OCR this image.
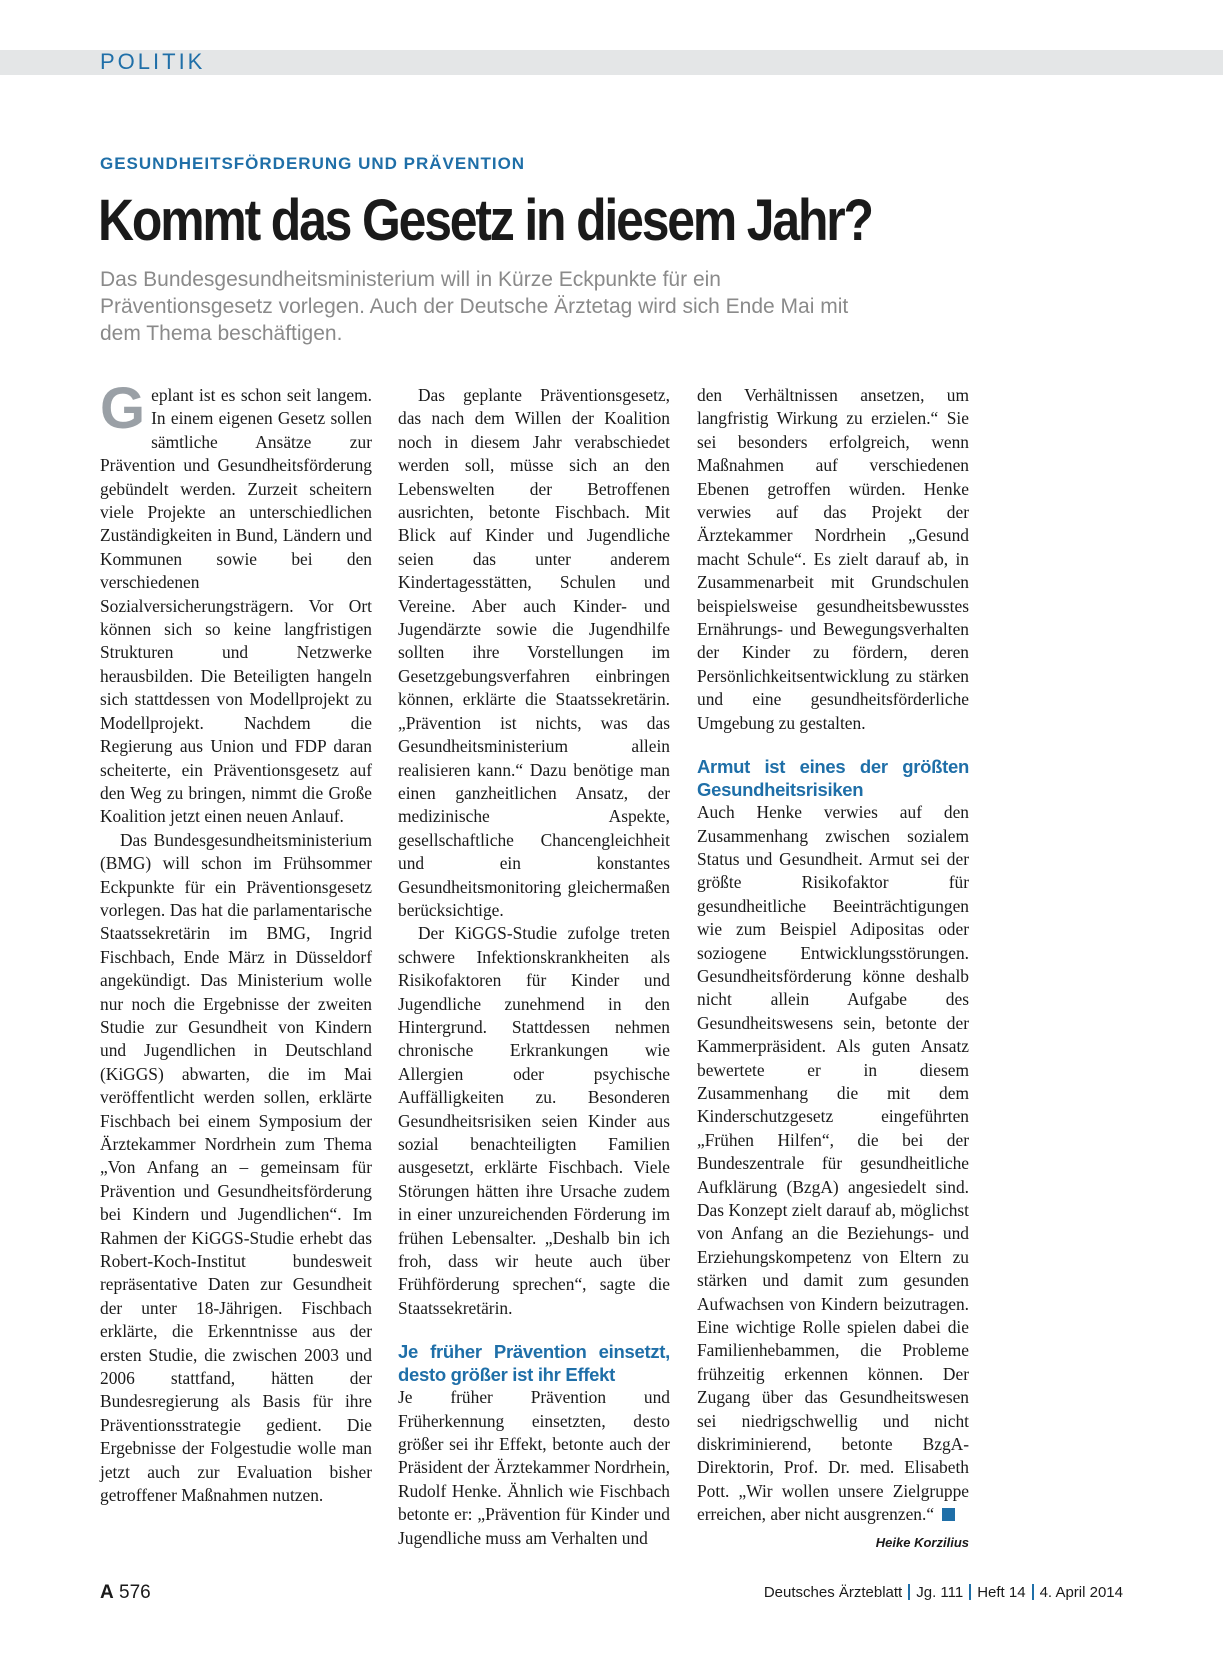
POLITIK
GESUNDHEITSFÖRDERUNG UND PRÄVENTION
Kommt das Gesetz in diesem Jahr?
Das Bundesgesundheitsministerium will in Kürze Eckpunkte für ein Präventionsgesetz vorlegen. Auch der Deutsche Ärztetag wird sich Ende Mai mit dem Thema beschäftigen.

Geplant ist es schon seit langem. In einem eigenen Gesetz sollen sämtliche Ansätze zur Prävention und Gesundheitsförderung gebündelt werden. Zurzeit scheitern viele Projekte an unterschiedlichen Zuständigkeiten in Bund, Ländern und Kommunen sowie bei den verschiedenen Sozialversicherungsträgern. Vor Ort können sich so keine langfristigen Strukturen und Netzwerke herausbilden. Die Beteiligten hangeln sich stattdessen von Modellprojekt zu Modellprojekt. Nachdem die Regierung aus Union und FDP daran scheiterte, ein Präventionsgesetz auf den Weg zu bringen, nimmt die Große Koalition jetzt einen neuen Anlauf.

Das Bundesgesundheitsministerium (BMG) will schon im Frühsommer Eckpunkte für ein Präventionsgesetz vorlegen. Das hat die parlamentarische Staatssekretärin im BMG, Ingrid Fischbach, Ende März in Düsseldorf angekündigt. Das Ministerium wolle nur noch die Ergebnisse der zweiten Studie zur Gesundheit von Kindern und Jugendlichen in Deutschland (KiGGS) abwarten, die im Mai veröffentlicht werden sollen, erklärte Fischbach bei einem Symposium der Ärztekammer Nordrhein zum Thema „Von Anfang an – gemeinsam für Prävention und Gesundheitsförderung bei Kindern und Jugendlichen“. Im Rahmen der KiGGS-Studie erhebt das Robert-Koch-Institut bundesweit repräsentative Daten zur Gesundheit der unter 18-Jährigen. Fischbach erklärte, die Erkenntnisse aus der ersten Studie, die zwischen 2003 und 2006 stattfand, hätten der Bundesregierung als Basis für ihre Präventionsstrategie gedient. Die Ergebnisse der Folgestudie wolle man jetzt auch zur Evaluation bisher getroffener Maßnahmen nutzen.

Das geplante Präventionsgesetz, das nach dem Willen der Koalition noch in diesem Jahr verabschiedet werden soll, müsse sich an den Lebenswelten der Betroffenen ausrichten, betonte Fischbach. Mit Blick auf Kinder und Jugendliche seien das unter anderem Kindertagesstätten, Schulen und Vereine. Aber auch Kinder- und Jugendärzte sowie die Jugendhilfe sollten ihre Vorstellungen im Gesetzgebungsverfahren einbringen können, erklärte die Staatssekretärin. „Prävention ist nichts, was das Gesundheitsministerium allein realisieren kann.“ Dazu benötige man einen ganzheitlichen Ansatz, der medizinische Aspekte, gesellschaftliche Chancengleichheit und ein konstantes Gesundheitsmonitoring gleichermaßen berücksichtige.

Der KiGGS-Studie zufolge treten schwere Infektionskrankheiten als Risikofaktoren für Kinder und Jugendliche zunehmend in den Hintergrund. Stattdessen nehmen chronische Erkrankungen wie Allergien oder psychische Auffälligkeiten zu. Besonderen Gesundheitsrisiken seien Kinder aus sozial benachteiligten Familien ausgesetzt, erklärte Fischbach. Viele Störungen hätten ihre Ursache zudem in einer unzureichenden Förderung im frühen Lebensalter. „Deshalb bin ich froh, dass wir heute auch über Frühförderung sprechen“, sagte die Staatssekretärin.

Je früher Prävention einsetzt, desto größer ist ihr Effekt

Je früher Prävention und Früherkennung einsetzten, desto größer sei ihr Effekt, betonte auch der Präsident der Ärztekammer Nordrhein, Rudolf Henke. Ähnlich wie Fischbach betonte er: „Prävention für Kinder und Jugendliche muss am Verhalten und

den Verhältnissen ansetzen, um langfristig Wirkung zu erzielen.“ Sie sei besonders erfolgreich, wenn Maßnahmen auf verschiedenen Ebenen getroffen würden. Henke verwies auf das Projekt der Ärztekammer Nordrhein „Gesund macht Schule“. Es zielt darauf ab, in Zusammenarbeit mit Grundschulen beispielsweise gesundheitsbewusstes Ernährungs- und Bewegungsverhalten der Kinder zu fördern, deren Persönlichkeitsentwicklung zu stärken und eine gesundheitsförderliche Umgebung zu gestalten.

Armut ist eines der größten Gesundheitsrisiken

Auch Henke verwies auf den Zusammenhang zwischen sozialem Status und Gesundheit. Armut sei der größte Risikofaktor für gesundheitliche Beeinträchtigungen wie zum Beispiel Adipositas oder soziogene Entwicklungsstörungen. Gesundheitsförderung könne deshalb nicht allein Aufgabe des Gesundheitswesens sein, betonte der Kammerpräsident. Als guten Ansatz bewertete er in diesem Zusammenhang die mit dem Kinderschutzgesetz eingeführten „Frühen Hilfen“, die bei der Bundeszentrale für gesundheitliche Aufklärung (BzgA) angesiedelt sind. Das Konzept zielt darauf ab, möglichst von Anfang an die Beziehungs- und Erziehungskompetenz von Eltern zu stärken und damit zum gesunden Aufwachsen von Kindern beizutragen. Eine wichtige Rolle spielen dabei die Familienhebammen, die Probleme frühzeitig erkennen können. Der Zugang über das Gesundheitswesen sei niedrigschwellig und nicht diskriminierend, betonte BzgA-Direktorin, Prof. Dr. med. Elisabeth Pott. „Wir wollen unsere Zielgruppe erreichen, aber nicht ausgrenzen.“

Heike Korzilius
A 576	Deutsches Ärzteblatt Jg. 111 Heft 14 4. April 2014
